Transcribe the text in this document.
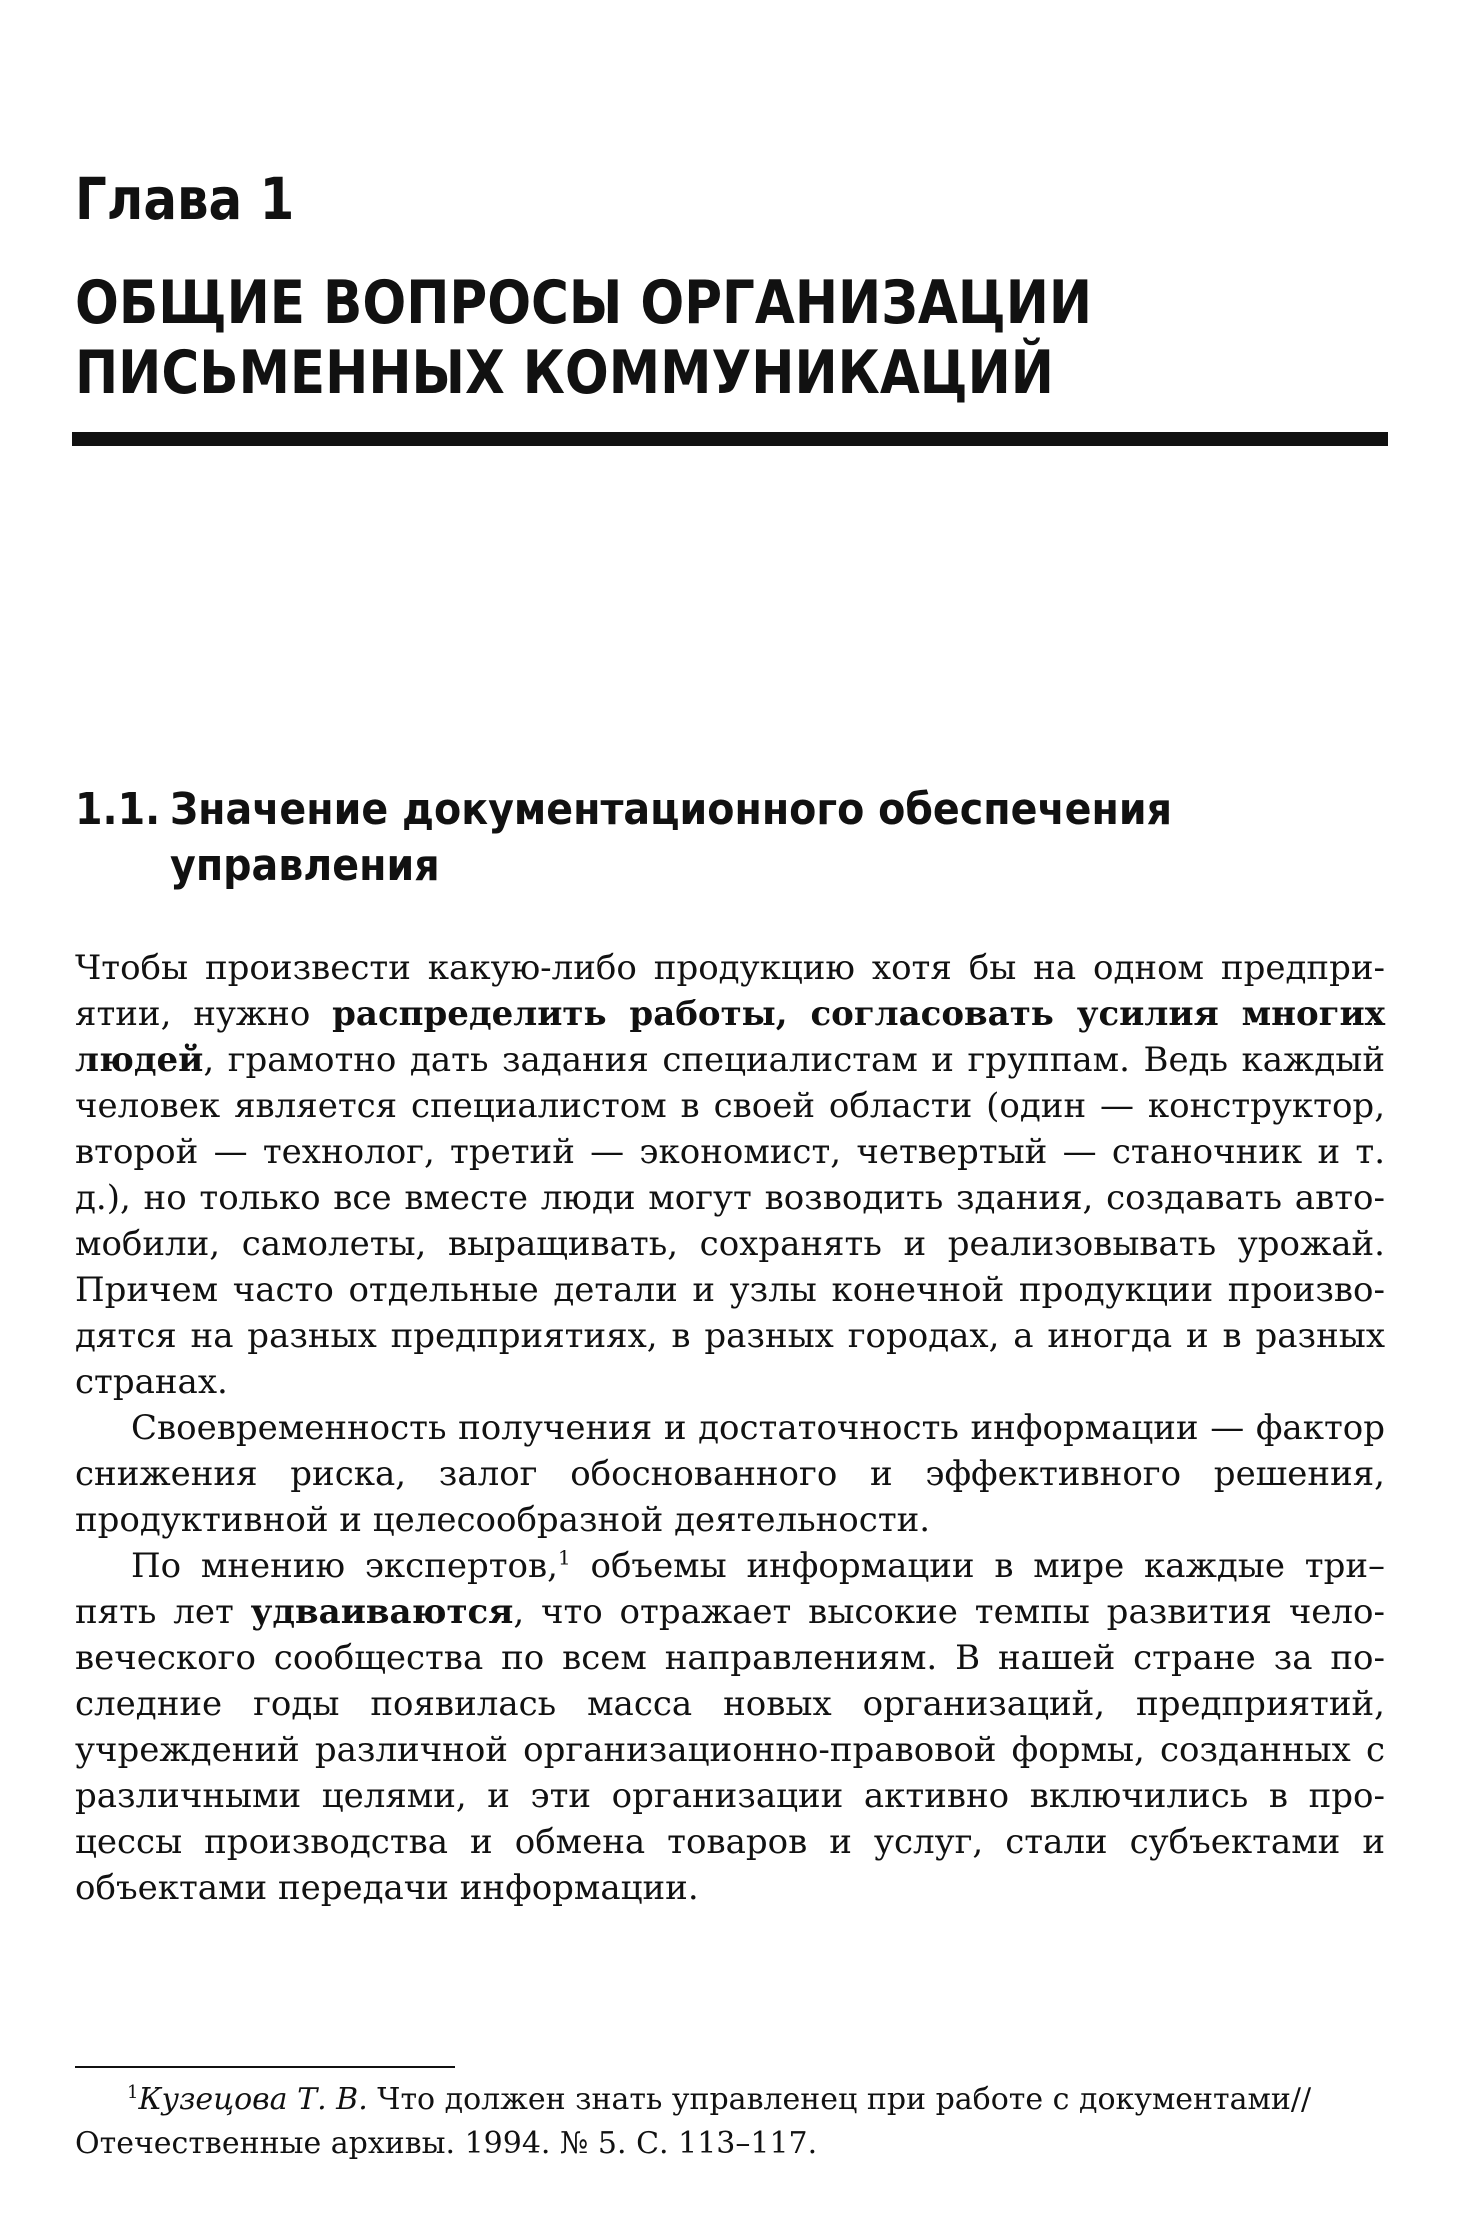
Глава 1
ОБЩИЕ ВОПРОСЫ ОРГАНИЗАЦИИ
ПИСЬМЕННЫХ КОММУНИКАЦИЙ
1.1. Значение документационного обеспечения
управления

Чтобы произвести какую-либо продукцию хотя бы на одном предприятии, нужно распределить работы, согласовать усилия многих людей, грамотно дать задания специалистам и группам. Ведь каждый человек является специалистом в своей области (один — конструктор, второй — технолог, третий — экономист, четвертый — станочник и т. д.), но только все вместе люди могут возводить здания, создавать автомобили, самолеты, выращивать, сохранять и реализовывать урожай. Причем часто отдельные детали и узлы конечной продукции производятся на разных предприятиях, в разных городах, а иногда и в разных странах.

Своевременность получения и достаточность информации — фактор снижения риска, залог обоснованного и эффективного решения, продуктивной и целесообразной деятельности.

По мнению экспертов,$^1$ объемы информации в мире каждые три–пять лет удваиваются, что отражает высокие темпы развития человеческого сообщества по всем направлениям. В нашей стране за последние годы появилась масса новых организаций, предприятий, учреждений различной организационно-правовой формы, созданных с различными целями, и эти организации активно включились в процессы производства и обмена товаров и услуг, стали субъектами и объектами передачи информации.

$^1$Кузецова Т. В. Что должен знать управленец при работе с документами//
Отечественные архивы. 1994. № 5. С. 113–117.
